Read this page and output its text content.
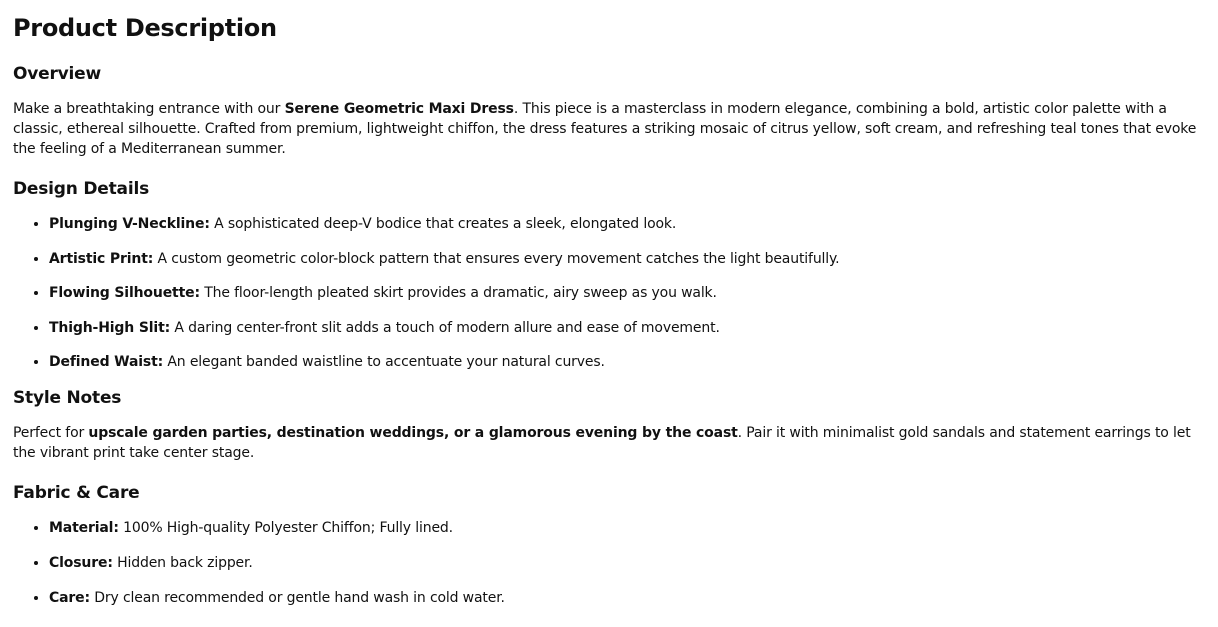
Product Description
Overview

Make a breathtaking entrance with our Serene Geometric Maxi Dress. This piece is a masterclass in modern elegance, combining a bold, artistic color palette with a classic, ethereal silhouette. Crafted from premium, lightweight chiffon, the dress features a striking mosaic of citrus yellow, soft cream, and refreshing teal tones that evoke the feeling of a Mediterranean summer.

Design Details
• Plunging V-Neckline: A sophisticated deep-V bodice that creates a sleek, elongated look.
• Artistic Print: A custom geometric color-block pattern that ensures every movement catches the light beautifully.
• Flowing Silhouette: The floor-length pleated skirt provides a dramatic, airy sweep as you walk.
• Thigh-High Slit: A daring center-front slit adds a touch of modern allure and ease of movement.
• Defined Waist: An elegant banded waistline to accentuate your natural curves.
Style Notes

Perfect for upscale garden parties, destination weddings, or a glamorous evening by the coast. Pair it with minimalist gold sandals and statement earrings to let the vibrant print take center stage.

Fabric & Care
• Material: 100% High-quality Polyester Chiffon; Fully lined.
• Closure: Hidden back zipper.
• Care: Dry clean recommended or gentle hand wash in cold water.
